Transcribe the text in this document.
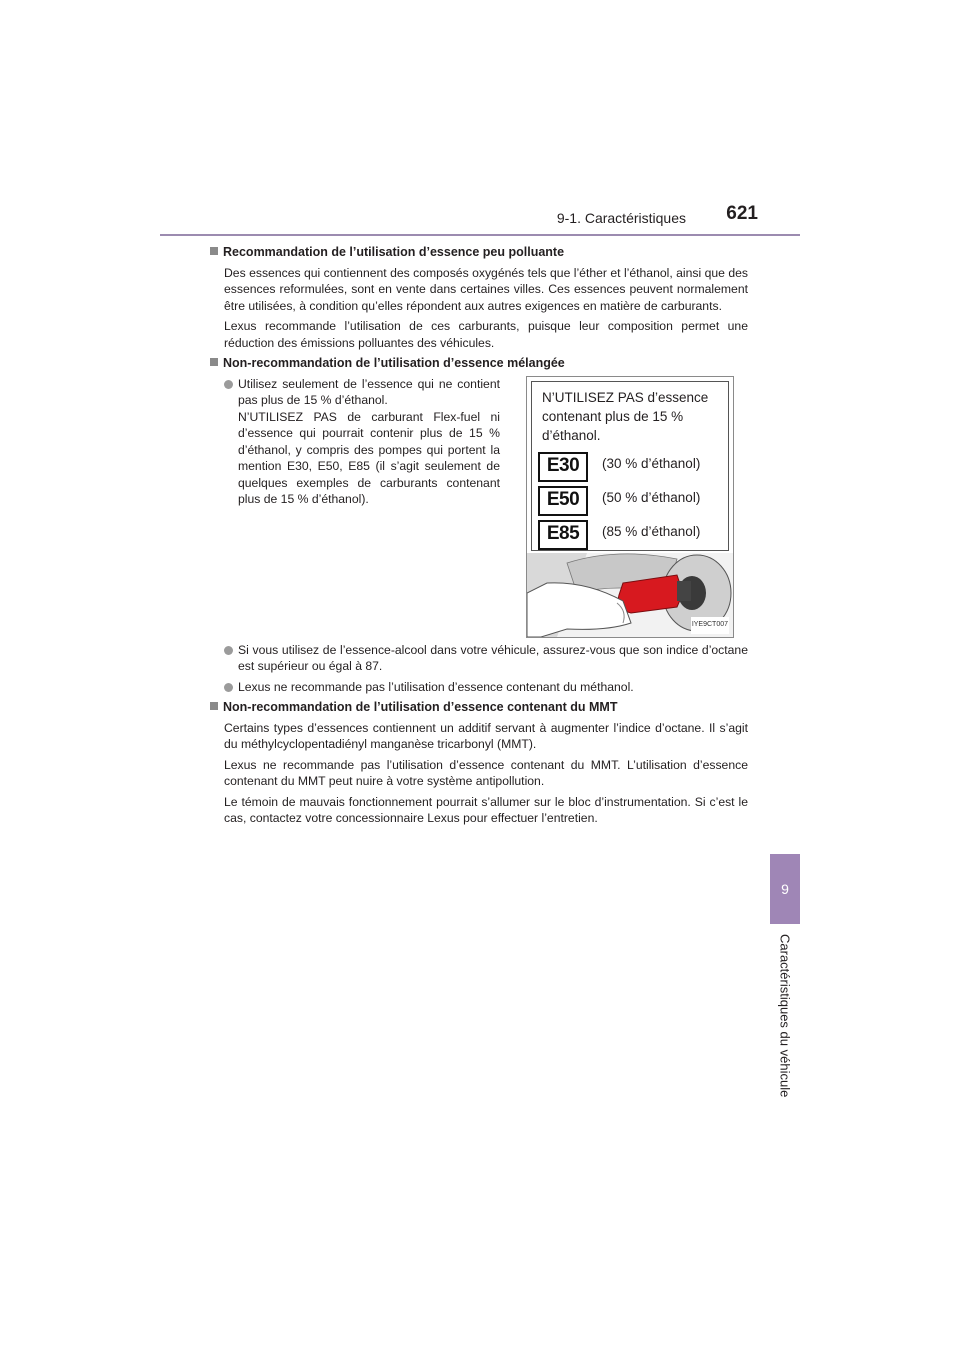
9-1. Caractéristiques 621
9
Caractéristiques du véhicule
Recommandation de l’utilisation d’essence peu polluante

Des essences qui contiennent des composés oxygénés tels que l’éther et l’éthanol, ainsi que des essences reformulées, sont en vente dans certaines villes. Ces essences peuvent normalement être utilisées, à condition qu’elles répondent aux autres exigences en matière de carburants.

Lexus recommande l’utilisation de ces carburants, puisque leur composition permet une réduction des émissions polluantes des véhicules.

Non-recommandation de l’utilisation d’essence mélangée
Utilisez seulement de l’essence qui ne contient pas plus de 15 % d’éthanol.
N’UTILISEZ PAS de carburant Flex-fuel ni d’essence qui pourrait contenir plus de 15 % d’éthanol, y compris des pompes qui portent la mention E30, E50, E85 (il s’agit seulement de quelques exemples de carburants contenant plus de 15 % d’éthanol).
N’UTILISEZ PAS d’essence contenant plus de 15 % d’éthanol.
E30	(30 % d’éthanol)
E50	(50 % d’éthanol)
E85	(85 % d’éthanol)
IYE9CT007
Si vous utilisez de l’essence-alcool dans votre véhicule, assurez-vous que son indice d’octane est supérieur ou égal à 87.
Lexus ne recommande pas l’utilisation d’essence contenant du méthanol.
Non-recommandation de l’utilisation d’essence contenant du MMT

Certains types d’essences contiennent un additif servant à augmenter l’indice d’octane. Il s’agit du méthylcyclopentadiényl manganèse tricarbonyl (MMT).

Lexus ne recommande pas l’utilisation d’essence contenant du MMT. L’utilisation d’essence contenant du MMT peut nuire à votre système antipollution.

Le témoin de mauvais fonctionnement pourrait s’allumer sur le bloc d’instrumentation. Si c’est le cas, contactez votre concessionnaire Lexus pour effectuer l’entretien.
